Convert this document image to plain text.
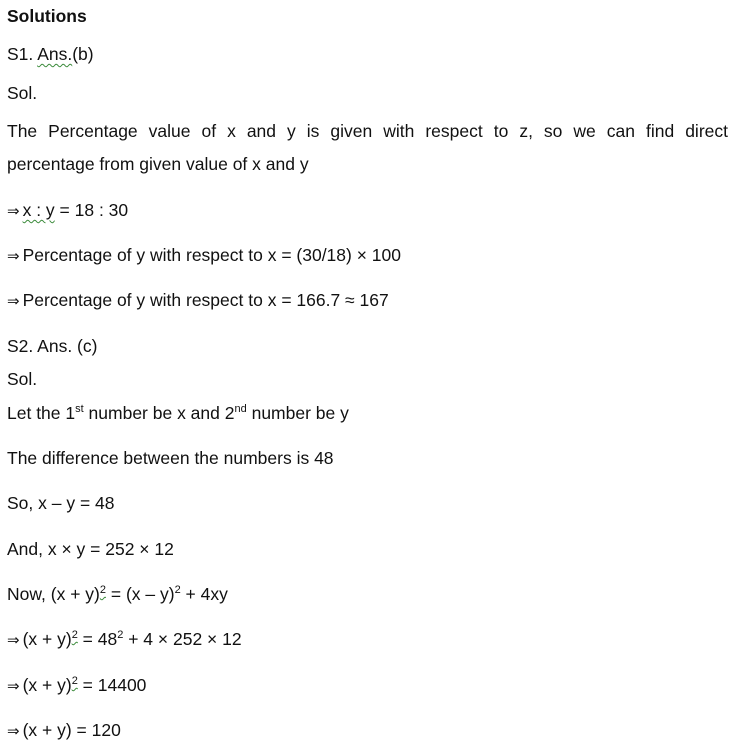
Solutions
S1. Ans.(b)
Sol.
The Percentage value of x and y is given with respect to z, so we can find direct
percentage from given value of x and y
⇒ x : y = 18 : 30
⇒ Percentage of y with respect to x = (30/18) × 100
⇒ Percentage of y with respect to x = 166.7 ≈ 167
S2. Ans. (c)
Sol.
Let the 1st number be x and 2nd number be y
The difference between the numbers is 48
So, x – y = 48
And, x × y = 252 × 12
Now, $(x + y)^2 = (x - y)^2 + 4xy$
⇒ $(x + y)^2 = 48^2 + 4 \times 252 \times 12$
⇒ $(x + y)^2 = 14400$
⇒ (x + y) = 120
